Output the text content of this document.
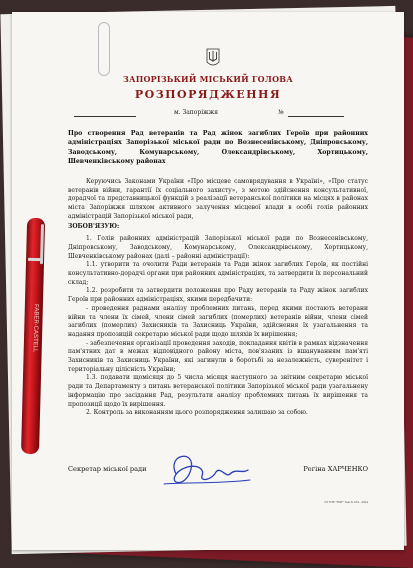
ЗАПОРІЗЬКИЙ МІСЬКИЙ ГОЛОВА
РОЗПОРЯДЖЕННЯ
м. Запоріжжя	№
Про створення Рад ветеранів та Рад жінок загиблих Героїв при районних адміністраціях Запорізької міської ради по Вознесенівському, Дніпровському, Заводському, Комунарському, Олександрівському, Хортицькому, Шевченківському районах

Керуючись Законами України «Про місцеве самоврядування в Україні», «Про статус ветеранів війни, гарантії їх соціального захисту», з метою здійснення консультативної, дорадчої та представницької функцій з реалізації ветеранської політики на місцях в районах міста Запоріжжя шляхом активного залучення місцевої влади в особі голів районних адміністрацій Запорізької міської ради,

ЗОБОВ'ЯЗУЮ:

1. Голів районних адміністрацій Запорізької міської ради по Вознесенівському, Дніпровському, Заводському, Комунарському, Олександрівському, Хортицькому, Шевченківському районах (далі – районні адміністрації):

1.1. утворити та очолити Ради ветеранів та Ради жінок загиблих Героїв, як постійні консультативно-дорадчі органи при районних адміністраціях, та затвердити їх персональний склад;

1.2. розробити та затвердити положення про Раду ветеранів та Раду жінок загиблих Героїв при районних адміністраціях, якими передбачити:

- проведення раднами аналізу проблемних питань, перед якими постають ветерани війни та члени їх сімей, члени сімей загиблих (померлих) ветеранів війни, члени сімей загиблих (померлих) Захисників та Захисниць України, здійснення їх узагальнення та надання пропозицій секретарю міської ради щодо шляхів їх вирішення;

- забезпечення організації проведення заходів, покладання квітів в рамках відзначення пам'ятних дат в межах відповідного району міста, пов'язаних із вшануванням пам'яті Захисників та Захисниць України, які загинули в боротьбі за незалежність, суверенітет і територіальну цілісність України;

1.3. подавати щомісяця до 5 числа місяця наступного за звітним секретарю міської ради та Департаменту з питань ветеранської політики Запорізької міської ради узагальнену інформацію про засідання Рад, результати аналізу проблемних питань їх вирішення та пропозиції щодо їх вирішення.

2. Контроль за виконанням цього розпорядження залишаю за собою.

Секретар міської ради	Регіна ХАРЧЕНКО
ЗЛ ТОВ "ЗМУ" Зам № 234 - 2024
FABER-CASTELL
